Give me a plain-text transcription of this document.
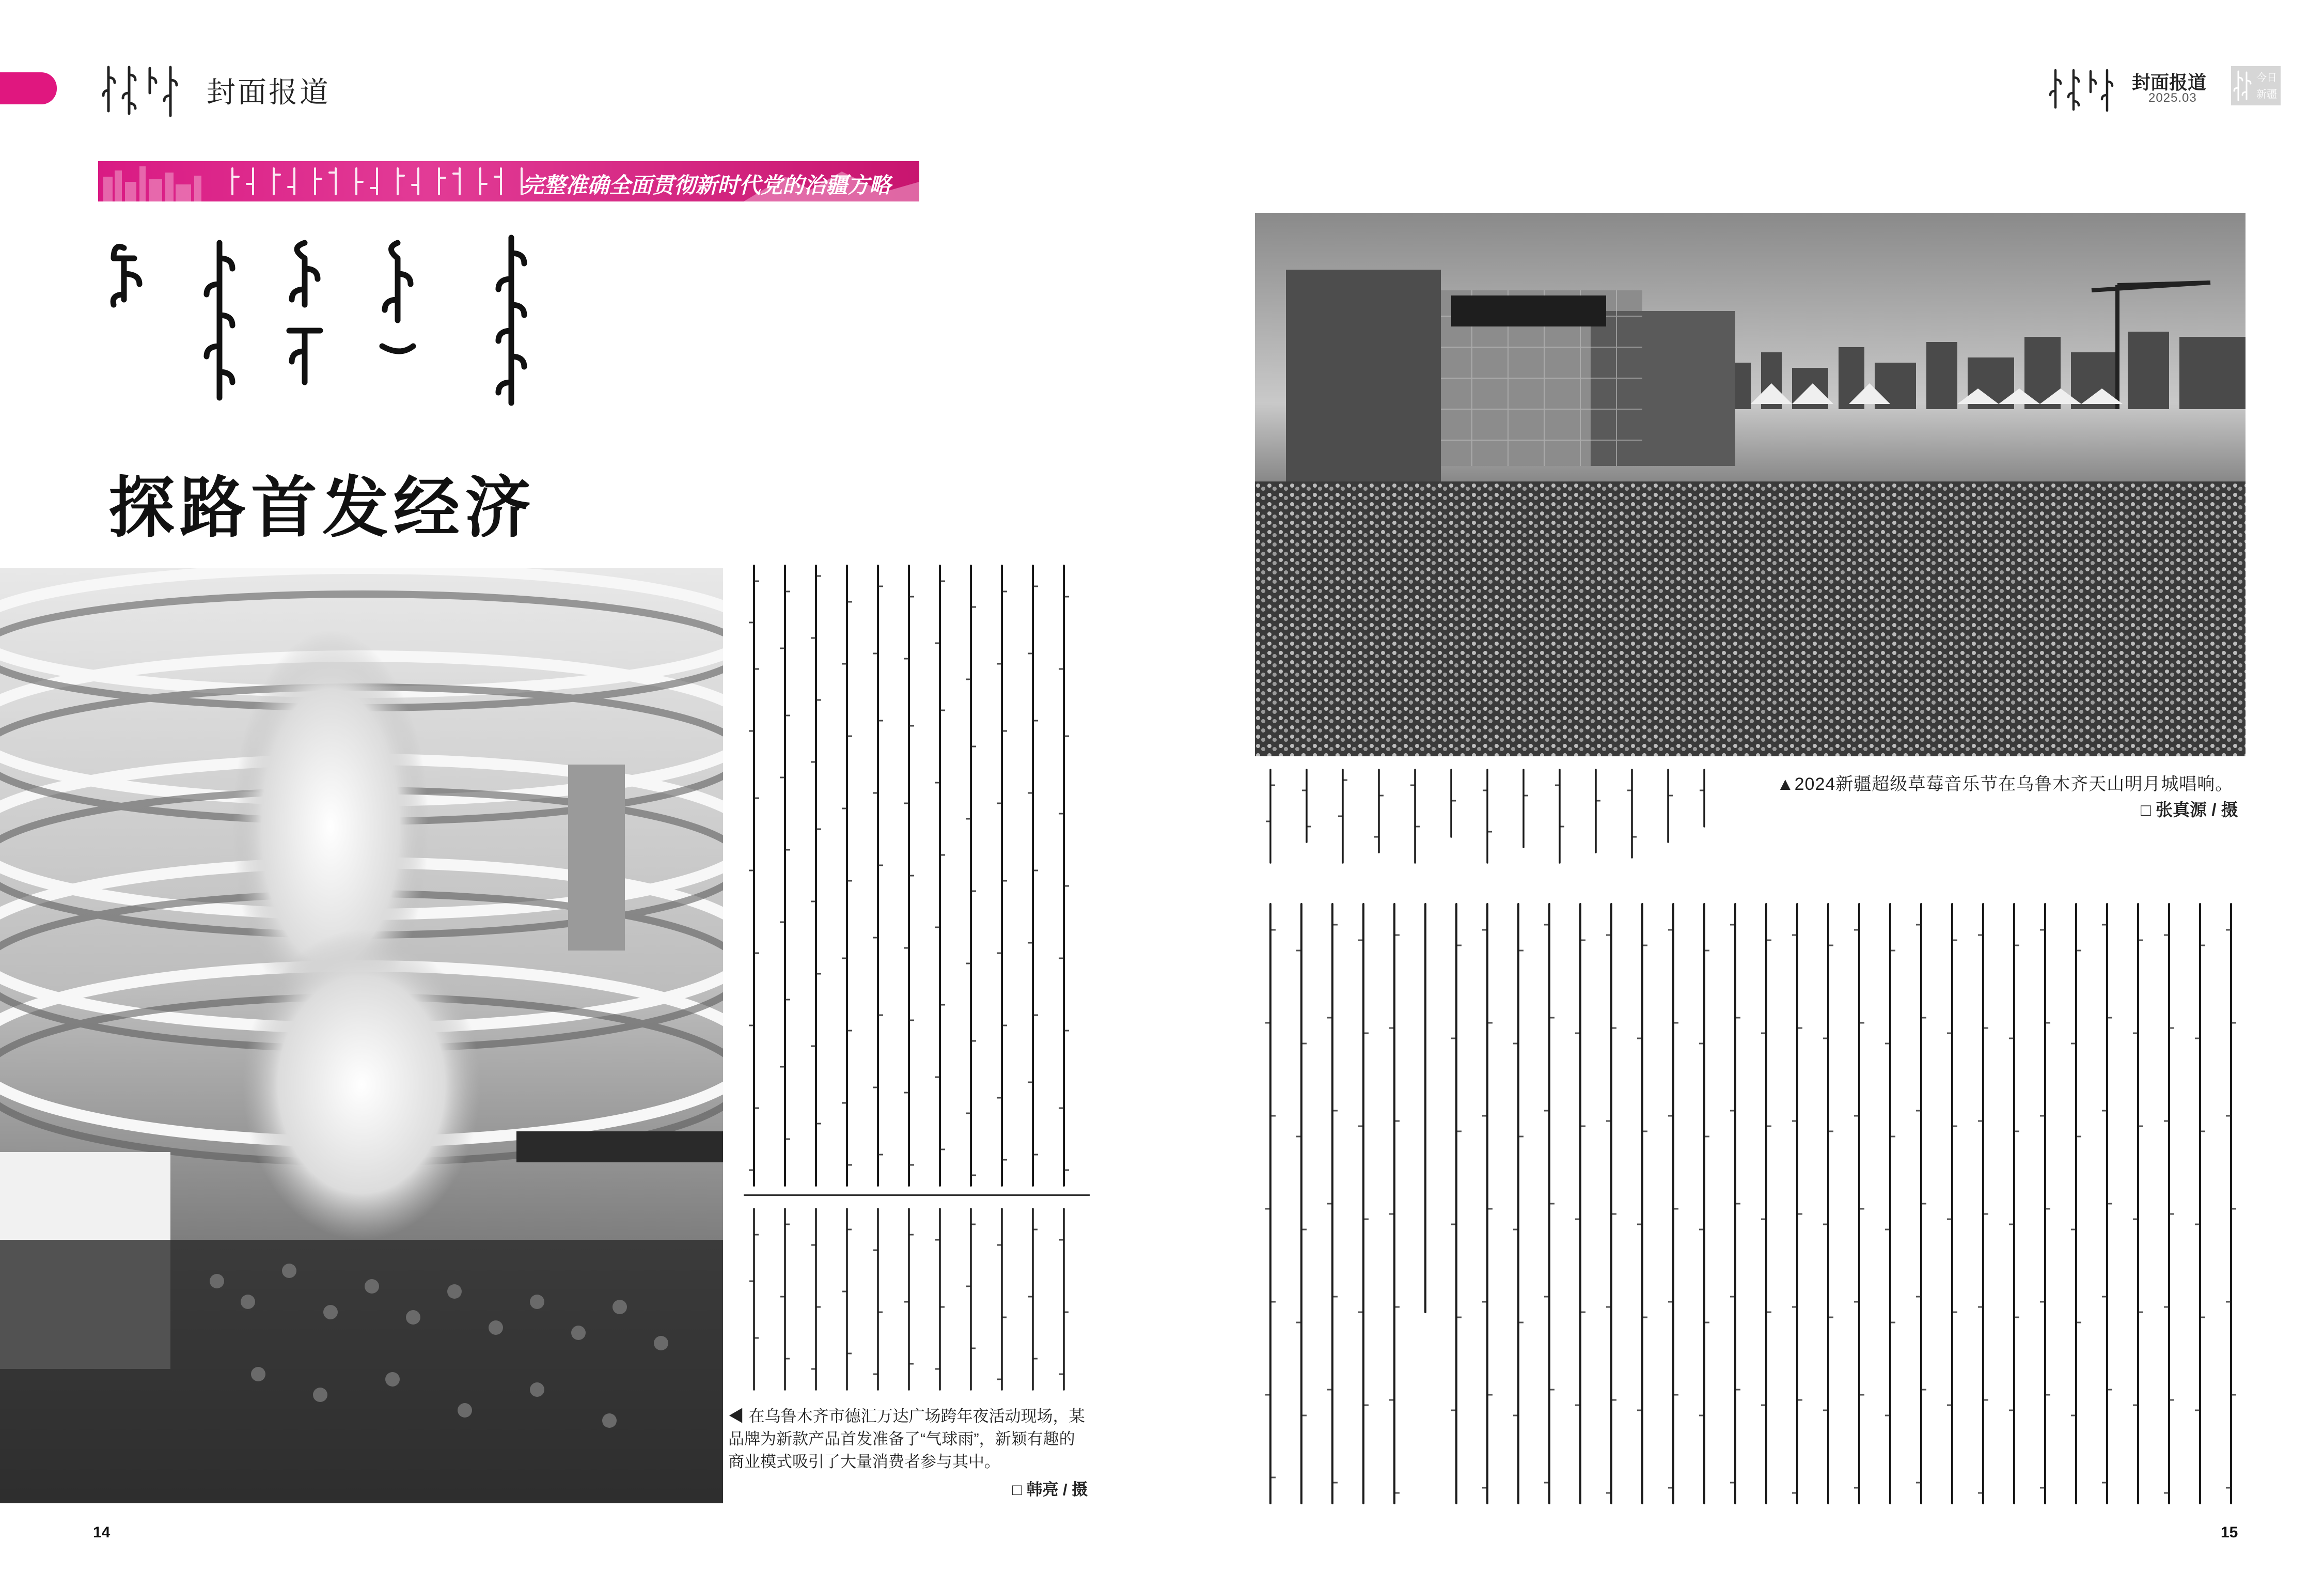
封面报道
完整准确全面贯彻新时代党的治疆方略
探路首发经济
◀ 在乌鲁木齐市德汇万达广场跨年夜活动现场，某品牌为新款产品首发准备了“气球雨”，新颖有趣的商业模式吸引了大量消费者参与其中。
□ 韩亮 / 摄
14
封面报道
2025.03
今日新疆
▲2024新疆超级草莓音乐节在乌鲁木齐天山明月城唱响。
□ 张真源 / 摄
15
